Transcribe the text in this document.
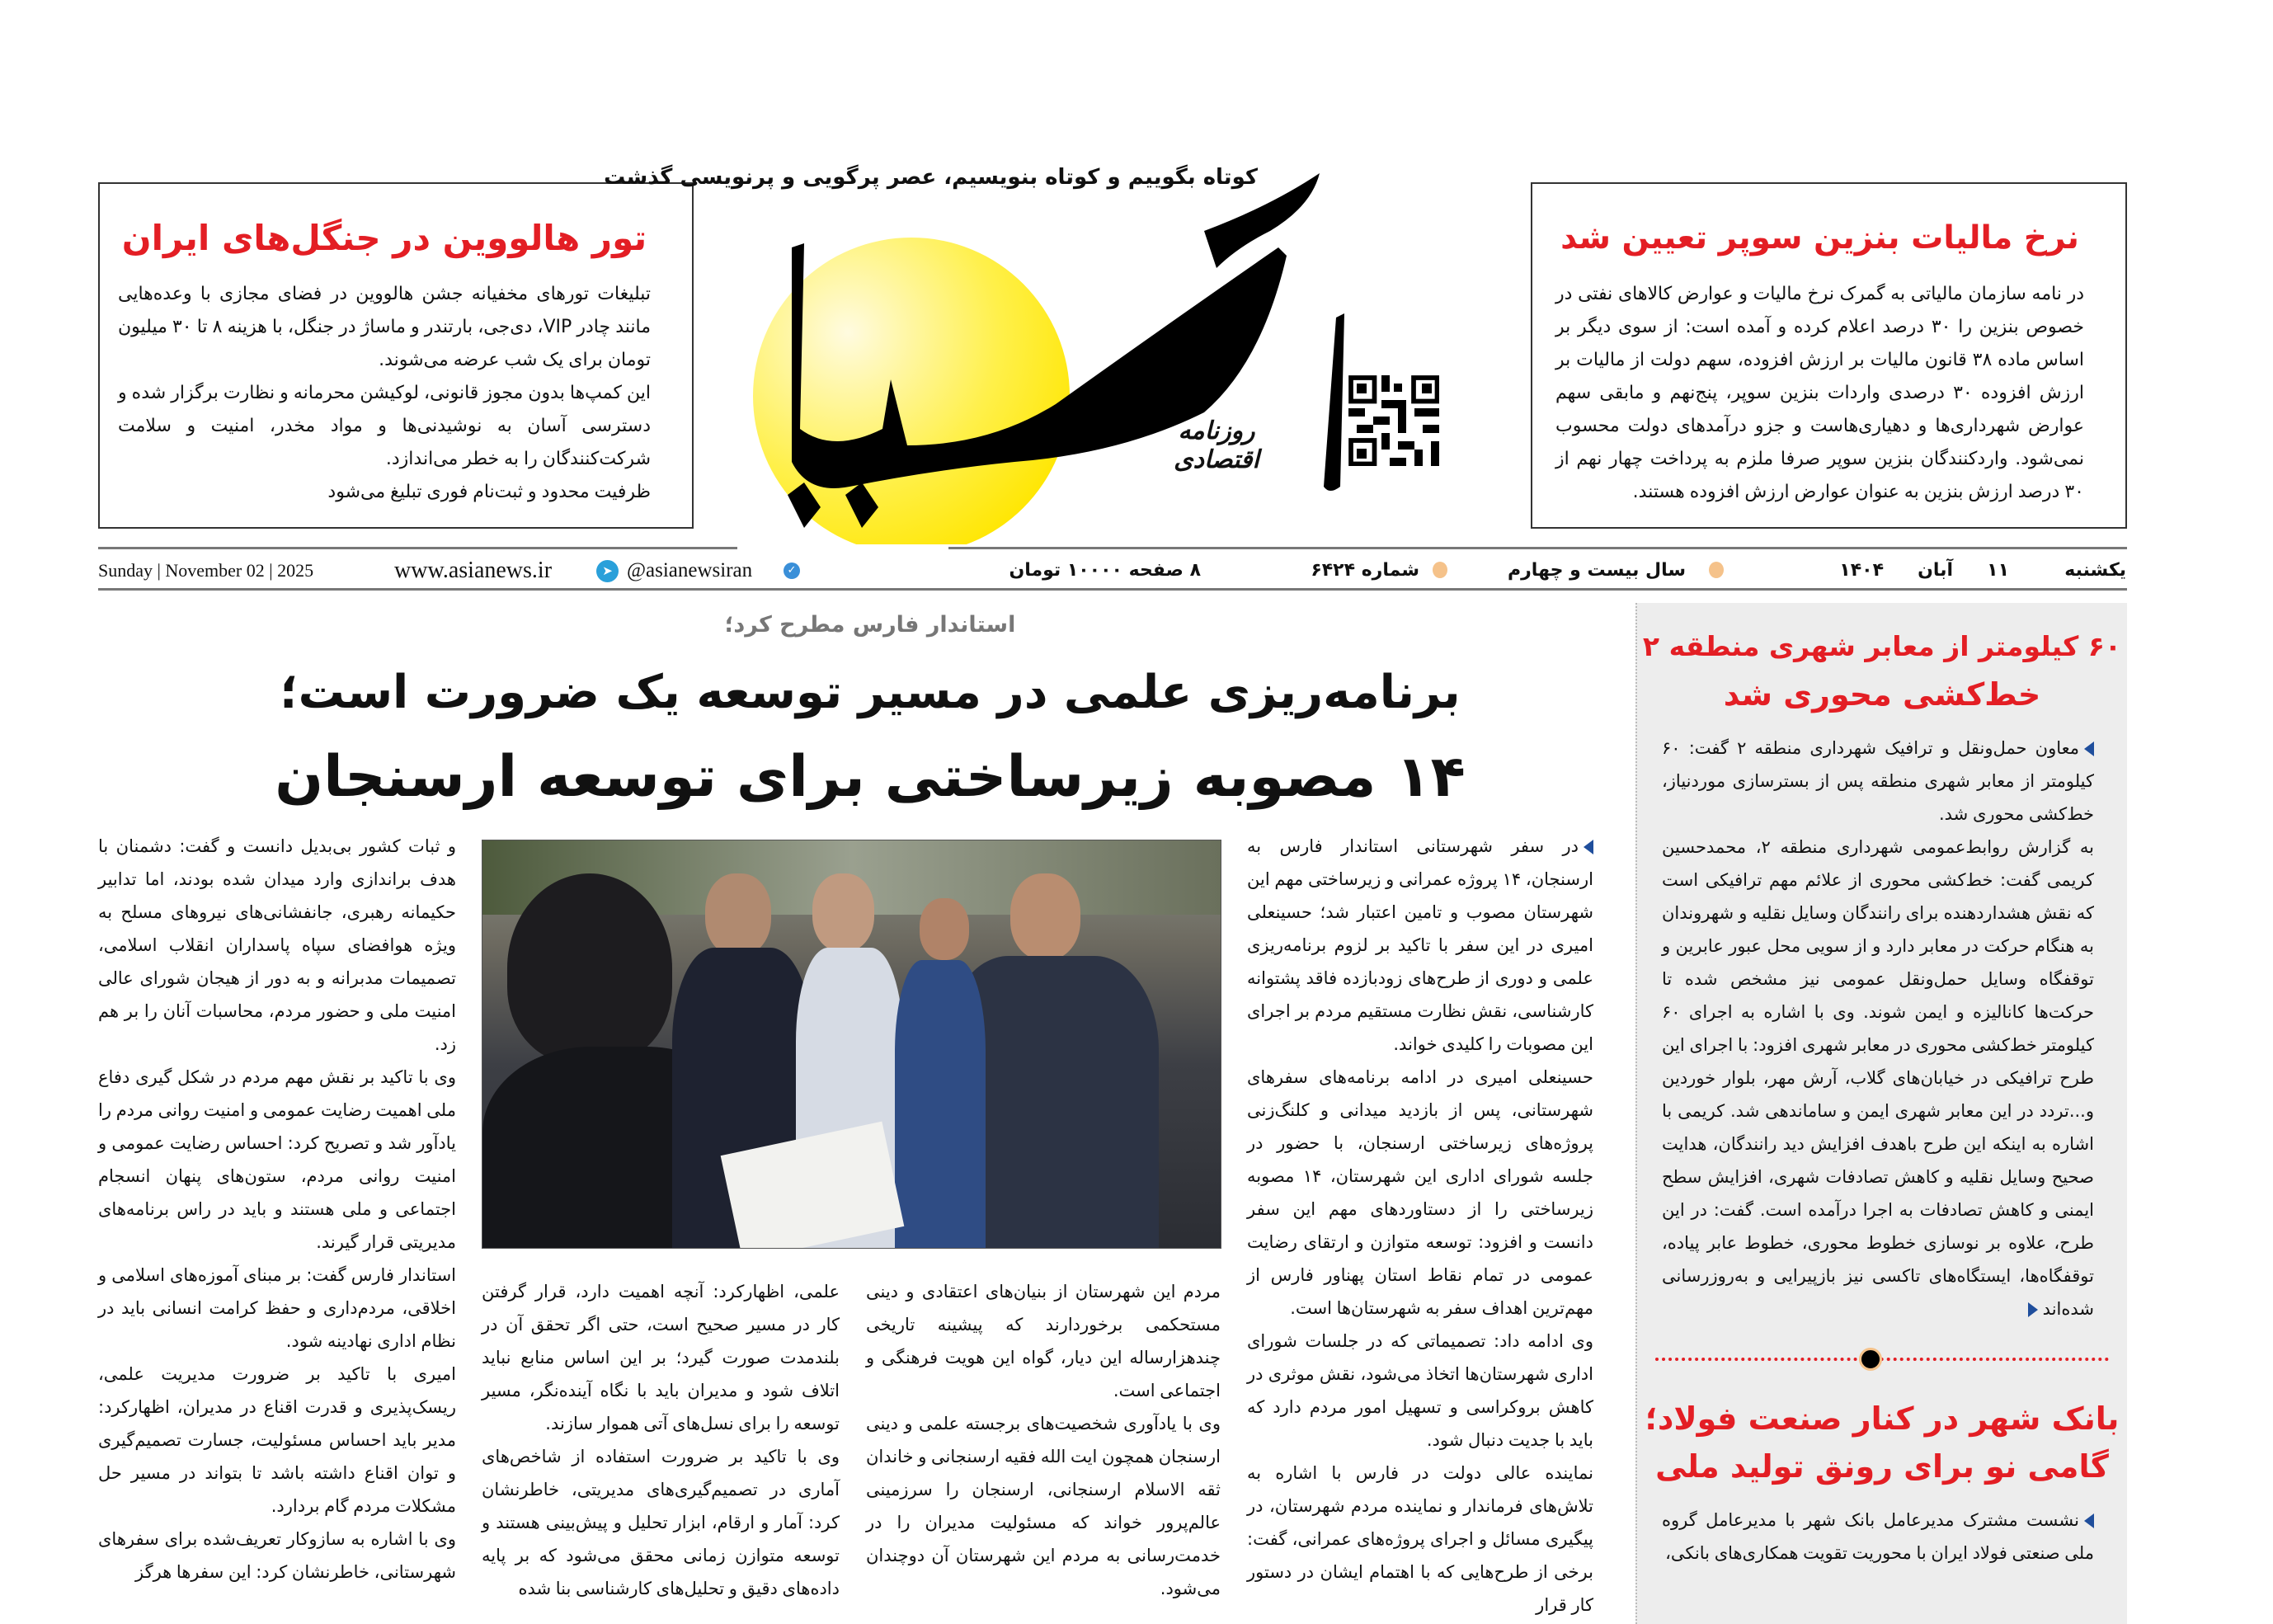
تور هالووین در جنگل‌های ایران

تبلیغات تورهای مخفیانه جشن هالووین در فضای مجازی با وعده‌هایی مانند چادر VIP، دی‌جی، بارتندر و ماساژ در جنگل، با هزینه ۸ تا ۳۰ میلیون تومان برای یک شب عرضه می‌شوند.

این کمپ‌ها بدون مجوز قانونی، لوکیشن محرمانه و نظارت برگزار شده و دسترسی آسان به نوشیدنی‌ها و مواد مخدر، امنیت و سلامت شرکت‌کنندگان را به خطر می‌اندازد.

ظرفیت محدود و ثبت‌نام فوری تبلیغ می‌شود

نرخ مالیات بنزین سوپر تعیین شد

در نامه سازمان مالیاتی به گمرک نرخ مالیات و عوارض کالاهای نفتی در خصوص بنزین را ۳۰ درصد اعلام کرده و آمده است: از سوی دیگر بر اساس ماده ۳۸ قانون مالیات بر ارزش افزوده، سهم دولت از مالیات بر ارزش افزوده ۳۰ درصدی واردات بنزین سوپر، پنج‌نهم و مابقی سهم عوارض شهرداری‌ها و دهیاری‌هاست و جزو درآمدهای دولت محسوب نمی‌شود. واردکنندگان بنزین سوپر صرفا ملزم به پرداخت چهار نهم از ۳۰ درصد ارزش بنزین به عنوان عوارض ارزش افزوده هستند.

کوتاه بگوییم و کوتاه بنویسیم، عصر پرگویی و پرنویسی گذشت
روزنامه اقتصادی
یکشنبه
۱۱
آبان
۱۴۰۴
سال بیست و چهارم
شماره ۶۴۲۴
۸ صفحه ۱۰۰۰۰ تومان
✓
@asianewsiran
➤
www.asianews.ir
Sunday | November 02 | 2025
استاندار فارس مطرح کرد؛
برنامه‌ریزی علمی در مسیر توسعه یک ضرورت است؛
۱۴ مصوبه زیرساختی برای توسعه ارسنجان

در سفر شهرستانی استاندار فارس به ارسنجان، ۱۴ پروژه عمرانی و زیرساختی مهم این شهرستان مصوب و تامین اعتبار شد؛ حسینعلی امیری در این سفر با تاکید بر لزوم برنامه‌ریزی علمی و دوری از طرح‌های زودبازده فاقد پشتوانه کارشناسی، نقش نظارت مستقیم مردم بر اجرای این مصوبات را کلیدی خواند.

حسینعلی امیری در ادامه برنامه‌های سفرهای شهرستانی، پس از بازدید میدانی و کلنگ‌زنی پروژه‌های زیرساختی ارسنجان، با حضور در جلسه شورای اداری این شهرستان، ۱۴ مصوبه زیرساختی را از دستاوردهای مهم این سفر دانست و افزود: توسعه متوازن و ارتقای رضایت عمومی در تمام نقاط استان پهناور فارس از مهم‌ترین اهداف سفر به شهرستان‌ها است.

وی ادامه داد: تصمیماتی که در جلسات شورای اداری شهرستان‌ها اتخاذ می‌شود، نقش موثری در کاهش بروکراسی و تسهیل امور مردم دارد که باید با جدیت دنبال شود.

نماینده عالی دولت در فارس با اشاره به تلاش‌های فرماندار و نماینده مردم شهرستان، در پیگیری مسائل و اجرای پروژه‌های عمرانی، گفت: برخی از طرح‌هایی که با اهتمام ایشان در دستور کار قرار

مردم این شهرستان از بنیان‌های اعتقادی و دینی مستحکمی برخوردارند که پیشینه تاریخی چندهزارساله این دیار، گواه این هویت فرهنگی و اجتماعی است.

وی با یادآوری شخصیت‌های برجسته علمی و دینی ارسنجان همچون ایت الله فقیه ارسنجانی و خاندان ثقه الاسلام ارسنجانی، ارسنجان را سرزمینی عالم‌پرور خواند که مسئولیت مدیران را در خدمت‌رسانی به مردم این شهرستان آن دوچندان می‌شود.

علمی، اظهارکرد: آنچه اهمیت دارد، قرار گرفتن کار در مسیر صحیح است، حتی اگر تحقق آن در بلندمدت صورت گیرد؛ بر این اساس منابع نباید اتلاف شود و مدیران باید با نگاه آینده‌نگر، مسیر توسعه را برای نسل‌های آتی هموار سازند.

وی با تاکید بر ضرورت استفاده از شاخص‌های آماری در تصمیم‌گیری‌های مدیریتی، خاطرنشان کرد: آمار و ارقام، ابزار تحلیل و پیش‌بینی هستند و توسعه متوازن زمانی محقق می‌شود که بر پایه داده‌های دقیق و تحلیل‌های کارشناسی بنا شده

و ثبات کشور بی‌بدیل دانست و گفت: دشمنان با هدف براندازی وارد میدان شده بودند، اما تدابیر حکیمانه رهبری، جانفشانی‌های نیروهای مسلح به ویژه هوافضای سپاه پاسداران انقلاب اسلامی، تصمیمات مدبرانه و به دور از هیجان شورای عالی امنیت ملی و حضور مردم، محاسبات آنان را بر هم زد.

وی با تاکید بر نقش مهم مردم در شکل گیری دفاع ملی اهمیت رضایت عمومی و امنیت روانی مردم را یادآور شد و تصریح کرد: احساس رضایت عمومی و امنیت روانی مردم، ستون‌های پنهان انسجام اجتماعی و ملی هستند و باید در راس برنامه‌های مدیریتی قرار گیرند.

استاندار فارس گفت: بر مبنای آموزه‌های اسلامی و اخلاقی، مردم‌داری و حفظ کرامت انسانی باید در نظام اداری نهادینه شود.

امیری با تاکید بر ضرورت مدیریت علمی، ریسک‌پذیری و قدرت اقناع در مدیران، اظهارکرد: مدیر باید احساس مسئولیت، جسارت تصمیم‌گیری و توان اقناع داشته باشد تا بتواند در مسیر حل مشکلات مردم گام بردارد.

وی با اشاره به سازوکار تعریف‌شده برای سفرهای شهرستانی، خاطرنشان کرد: این سفرها هرگز

۶۰ کیلومتر از معابر شهری منطقه ۲
خط‌کشی محوری شد

معاون حمل‌ونقل و ترافیک شهرداری منطقه ۲ گفت: ۶۰ کیلومتر از معابر شهری منطقه پس از بسترسازی موردنیاز، خط‌کشی محوری شد.

به گزارش روابط‌عمومی شهرداری منطقه ۲، محمدحسین کریمی گفت: خط‌کشی محوری از علائم مهم ترافیکی است که نقش هشداردهنده برای رانندگان وسایل نقلیه و شهروندان به هنگام حرکت در معابر دارد و از سویی محل عبور عابرین و توقفگاه وسایل حمل‌ونقل عمومی نیز مشخص شده تا حرکت‌ها کانالیزه و ایمن شوند. وی با اشاره به اجرای ۶۰ کیلومتر خط‌کشی محوری در معابر شهری افزود: با اجرای این طرح ترافیکی در خیابان‌های گلاب، آرش مهر، بلوار خوردین و...تردد در این معابر شهری ایمن و ساماندهی شد. کریمی با اشاره به اینکه این طرح باهدف افزایش دید رانندگان، هدایت صحیح وسایل نقلیه و کاهش تصادفات شهری، افزایش سطح ایمنی و کاهش تصادفات به اجرا درآمده است. گفت: در این طرح، علاوه بر نوسازی خطوط محوری، خطوط عابر پیاده، توقفگاه‌ها، ایستگاه‌های تاکسی نیز بازپیرایی و به‌روزرسانی شده‌اند

بانک شهر در کنار صنعت فولاد؛
گامی نو برای رونق تولید ملی

نشست مشترک مدیرعامل بانک شهر با مدیرعامل گروه ملی صنعتی فولاد ایران با محوریت تقویت همکاری‌های بانکی،
